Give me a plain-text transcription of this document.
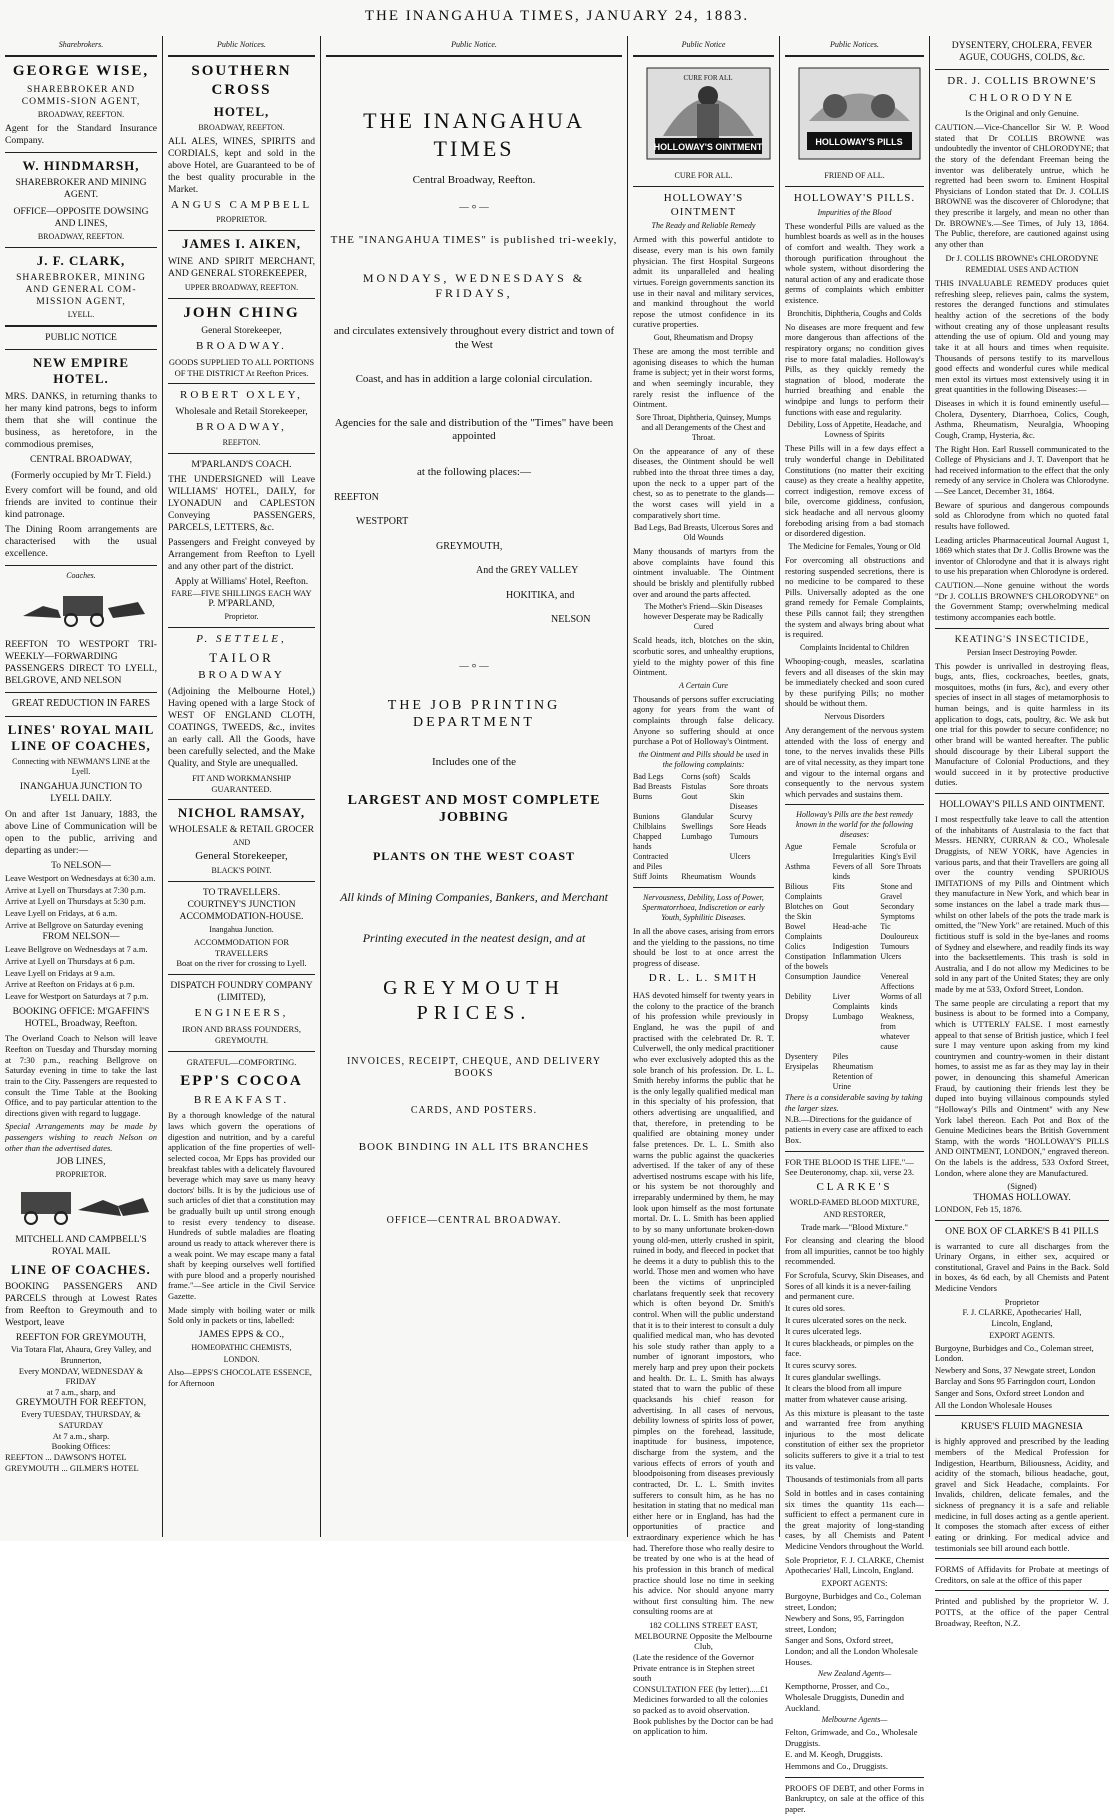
THE INANGAHUA TIMES, JANUARY 24, 1883.
Sharebrokers.
GEORGE WISE,
SHAREBROKER AND COMMIS-SION AGENT,
BROADWAY, REEFTON.
Agent for the Standard Insurance Company.
W. HINDMARSH,
SHAREBROKER AND MINING AGENT.
OFFICE—OPPOSITE DOWSING AND LINES,
BROADWAY, REEFTON.
J. F. CLARK,
SHAREBROKER, MINING AND GENERAL COM-MISSION AGENT,
LYELL.
PUBLIC NOTICE
NEW EMPIRE HOTEL.
MRS. DANKS, in returning thanks to her many kind patrons, begs to inform them that she will continue the business, as heretofore, in the commodious premises,
CENTRAL BROADWAY,
(Formerly occupied by Mr T. Field.)
Every comfort will be found, and old friends are invited to continue their kind patronage.
The Dining Room arrangements are characterised with the usual excellence.
Coaches.
REEFTON TO WESTPORT TRI-WEEKLY—FORWARDING PASSENGERS DIRECT TO LYELL, BELGROVE, AND NELSON
GREAT REDUCTION IN FARES
LINES' ROYAL MAIL LINE OF COACHES,
Connecting with NEWMAN'S LINE at the Lyell.
INANGAHUA JUNCTION TO LYELL DAILY.
On and after 1st January, 1883, the above Line of Communication will be open to the public, arriving and departing as under:—
To NELSON—
Leave Westport on Wednesdays at 6:30 a.m.
Arrive at Lyell on Thursdays at 7:30 p.m.
Arrive at Lyell on Thursdays at 5:30 p.m.
Leave Lyell on Fridays, at 6 a.m.
Arrive at Bellgrove on Saturday evening
FROM NELSON—
Leave Bellgrove on Wednesdays at 7 a.m.
Arrive at Lyell on Thursdays at 6 p.m.
Leave Lyell on Fridays at 9 a.m.
Arrive at Reefton on Fridays at 6 p.m.
Leave for Westport on Saturdays at 7 p.m.
BOOKING OFFICE: M'GAFFIN'S HOTEL, Broadway, Reefton.
The Overland Coach to Nelson will leave Reefton on Tuesday and Thursday morning at 7:30 p.m., reaching Bellgrove on Saturday evening in time to take the last train to the City. Passengers are requested to consult the Time Table at the Booking Office, and to pay particular attention to the directions given with regard to luggage.
Special Arrangements may be made by passengers wishing to reach Nelson on other than the advertised dates.
JOB LINES,
PROPRIETOR.
MITCHELL AND CAMPBELL'S ROYAL MAIL
LINE OF COACHES.
BOOKING PASSENGERS AND PARCELS through at Lowest Rates from Reefton to Greymouth and to Westport, leave
REEFTON FOR GREYMOUTH,
Via Totara Flat, Ahaura, Grey Valley, and Brunnerton,
Every MONDAY, WEDNESDAY & FRIDAY
at 7 a.m., sharp, and
GREYMOUTH FOR REEFTON,
Every TUESDAY, THURSDAY, & SATURDAY
At 7 a.m., sharp.
Booking Offices:
REEFTON ... DAWSON'S HOTEL
GREYMOUTH ... GILMER'S HOTEL
Public Notices.
SOUTHERN CROSS
HOTEL,
BROADWAY, REEFTON.
ALL ALES, WINES, SPIRITS and CORDIALS, kept and sold in the above Hotel, are Guaranteed to be of the best quality procurable in the Market.
ANGUS CAMPBELL
PROPRIETOR.
JAMES I. AIKEN,
WINE AND SPIRIT MERCHANT, AND GENERAL STOREKEEPER,
UPPER BROADWAY, REEFTON.
JOHN CHING
General Storekeeper,
BROADWAY.
GOODS SUPPLIED TO ALL PORTIONS OF THE DISTRICT At Reefton Prices.
ROBERT OXLEY,
Wholesale and Retail Storekeeper,
BROADWAY,
REEFTON.
M'PARLAND'S COACH.
THE UNDERSIGNED will Leave WILLIAMS' HOTEL, DAILY, for LYONADUN and CAPLESTON Conveying PASSENGERS, PARCELS, LETTERS, &c.
Passengers and Freight conveyed by Arrangement from Reefton to Lyell and any other part of the district.
Apply at Williams' Hotel, Reefton.
FARE—FIVE SHILLINGS EACH WAY
P. M'PARLAND,
Proprietor.
P. SETTELE,
TAILOR
BROADWAY
(Adjoining the Melbourne Hotel,) Having opened with a large Stock of WEST OF ENGLAND CLOTH, COATINGS, TWEEDS, &c., invites an early call. All the Goods, have been carefully selected, and the Make Quality, and Style are unequalled.
FIT AND WORKMANSHIP GUARANTEED.
NICHOL RAMSAY,
WHOLESALE & RETAIL GROCER
AND
General Storekeeper,
BLACK'S POINT.
TO TRAVELLERS.
COURTNEY'S JUNCTION ACCOMMODATION-HOUSE.
Inangahua Junction.
ACCOMMODATION FOR TRAVELLERS
Boat on the river for crossing to Lyell.
DISPATCH FOUNDRY COMPANY (LIMITED),
ENGINEERS,
IRON AND BRASS FOUNDERS,
GREYMOUTH.
GRATEFUL—COMFORTING.
EPP'S COCOA
BREAKFAST.
By a thorough knowledge of the natural laws which govern the operations of digestion and nutrition, and by a careful application of the fine properties of well-selected cocoa, Mr Epps has provided our breakfast tables with a delicately flavoured beverage which may save us many heavy doctors' bills. It is by the judicious use of such articles of diet that a constitution may be gradually built up until strong enough to resist every tendency to disease. Hundreds of subtle maladies are floating around us ready to attack wherever there is a weak point. We may escape many a fatal shaft by keeping ourselves well fortified with pure blood and a properly nourished frame."—See article in the Civil Service Gazette.
Made simply with boiling water or milk Sold only in packets or tins, labelled:
JAMES EPPS & CO.,
HOMEOPATHIC CHEMISTS,
LONDON.
Also—EPPS'S CHOCOLATE ESSENCE, for Afternoon
Public Notice.
THE INANGAHUA TIMES
Central Broadway, Reefton.
— ⸰ —
THE "INANGAHUA TIMES" is published tri-weekly,
MONDAYS, WEDNESDAYS & FRIDAYS,
and circulates extensively throughout every district and town of the West
Coast, and has in addition a large colonial circulation.
Agencies for the sale and distribution of the "Times" have been appointed
at the following places:—
REEFTON
WESTPORT
GREYMOUTH,
And the GREY VALLEY
HOKITIKA, and
NELSON
— ⸰ —
THE JOB PRINTING DEPARTMENT
Includes one of the
LARGEST AND MOST COMPLETE JOBBING
PLANTS ON THE WEST COAST
All kinds of Mining Companies, Bankers, and Merchant
Printing executed in the neatest design, and at
GREYMOUTH PRICES.
INVOICES, RECEIPT, CHEQUE, AND DELIVERY BOOKS
CARDS, AND POSTERS.
BOOK BINDING IN ALL ITS BRANCHES
OFFICE—CENTRAL BROADWAY.
Public Notice
HOLLOWAY'S OINTMENT
CURE FOR ALL
CURE FOR ALL.
HOLLOWAY'S OINTMENT
The Ready and Reliable Remedy
Armed with this powerful antidote to disease, every man is his own family physician. The first Hospital Surgeons admit its unparalleled and healing virtues. Foreign governments sanction its use in their naval and military services, and mankind throughout the world repose the utmost confidence in its curative properties.
Gout, Rheumatism and Dropsy
These are among the most terrible and agonising diseases to which the human frame is subject; yet in their worst forms, and when seemingly incurable, they rarely resist the influence of the Ointment.
Sore Throat, Diphtheria, Quinsey, Mumps and all Derangements of the Chest and Throat.
On the appearance of any of these diseases, the Ointment should be well rubbed into the throat three times a day, upon the neck to a upper part of the chest, so as to penetrate to the glands—the worst cases will yield in a comparatively short time.
Bad Legs, Bad Breasts, Ulcerous Sores and Old Wounds
Many thousands of martyrs from the above complaints have found this ointment invaluable. The Ointment should be briskly and plentifully rubbed over and around the parts affected.
The Mother's Friend—Skin Diseases however Desperate may be Radically Cured
Scald heads, itch, blotches on the skin, scorbutic sores, and unhealthy eruptions, yield to the mighty power of this fine Ointment.
A Certain Cure
Thousands of persons suffer excruciating agony for years from the want of complaints through false delicacy. Anyone so suffering should at once purchase a Pot of Holloway's Ointment.
the Ointment and Pills should be used in the following complaints:
Bad Legs	Corns (soft)	Scalds
Bad Breasts	Fistulas	Sore throats
Burns	Gout	Skin Diseases
Bunions	Glandular	Scurvy
Chilblains	Swellings	Sore Heads
Chapped hands
Lumbago	Tumours
Contracted and Piles
Ulcers
Stiff Joints	Rheumatism Wounds
Nervousness, Debility, Loss of Power, Spermatorrhoea, Indiscretion or early Youth, Syphilitic Diseases.
In all the above cases, arising from errors and the yielding to the passions, no time should be lost to at once arrest the progress of disease.
DR. L. L. SMITH
HAS devoted himself for twenty years in the colony to the practice of the branch of his profession while previously in England, he was the pupil of and practised with the celebrated Dr. R. T. Culverwell, the only medical practitioner who ever exclusively adopted this as the sole branch of his profession. Dr. L. L. Smith hereby informs the public that he is the only legally qualified medical man in this specialty of his profession, that others advertising are unqualified, and that, therefore, in pretending to be qualified are obtaining money under false pretences. Dr. L. L. Smith also warns the public against the quackeries advertised. If the taker of any of these advertised nostrums escape with his life, or his system be not thoroughly and irreparably undermined by them, he may look upon himself as the most fortunate mortal. Dr. L. L. Smith has been applied to by so many unfortunate broken-down young old-men, utterly crushed in spirit, ruined in body, and fleeced in pocket that he deems it a duty to publish this to the world. Those men and women who have been the victims of unprincipled charlatans frequently seek that recovery which is often beyond Dr. Smith's control. When will the public understand that it is to their interest to consult a duly qualified medical man, who has devoted his sole study rather than apply to a number of ignorant impostors, who merely harp and prey upon their pockets and health. Dr. L. L. Smith has always stated that to warn the public of these quacksands his chief reason for advertising. In all cases of nervous, debility lowness of spirits loss of power, pimples on the forehead, lassitude, inaptitude for business, impotence, discharge from the system, and the various effects of errors of youth and bloodpoisoning from diseases previously contracted, Dr. L. L. Smith invites sufferers to consult him, as he has no hesitation in stating that no medical man either here or in England, has had the opportunities of practice and extraordinary experience which he has had. Therefore those who really desire to be treated by one who is at the head of his profession in this branch of medical practice should lose no time in seeking his advice. Nor should anyone marry without first consulting him. The new consulting rooms are at
182 COLLINS STREET EAST, MELBOURNE Opposite the Melbourne Club,
(Late the residence of the Governor Private entrance is in Stephen street south
CONSULTATION FEE (by letter).....£1
Medicines forwarded to all the colonies so packed as to avoid observation.
Book publishes by the Doctor can be had on application to him.
Public Notices.
HOLLOWAY'S PILLS
FRIEND OF ALL.
HOLLOWAY'S PILLS.
Impurities of the Blood
These wonderful Pills are valued as the humblest boards as well as in the houses of comfort and wealth. They work a thorough purification throughout the whole system, without disordering the natural action of any and eradicate those germs of complaints which embitter existence.
Bronchitis, Diphtheria, Coughs and Colds
No diseases are more frequent and few more dangerous than affections of the respiratory organs; no condition gives rise to more fatal maladies. Holloway's Pills, as they quickly remedy the stagnation of blood, moderate the hurried breathing and enable the windpipe and lungs to perform their functions with ease and regularity.
Debility, Loss of Appetite, Headache, and Lowness of Spirits
These Pills will in a few days effect a truly wonderful change in Debilitated Constitutions (no matter their exciting cause) as they create a healthy appetite, correct indigestion, remove excess of bile, overcome giddiness, confusion, sick headache and all nervous gloomy foreboding arising from a bad stomach or disordered digestion.
The Medicine for Females, Young or Old
For overcoming all obstructions and restoring suspended secretions, there is no medicine to be compared to these Pills. Universally adopted as the one grand remedy for Female Complaints, these Pills cannot fail; they strengthen the system and always bring about what is required.
Complaints Incidental to Children
Whooping-cough, measles, scarlatina fevers and all diseases of the skin may be immediately checked and soon cured by these purifying Pills; no mother should be without them.
Nervous Disorders
Any derangement of the nervous system attended with the loss of energy and tone, to the nerves invalids these Pills are of vital necessity, as they impart tone and vigour to the internal organs and consequently to the nervous system which pervades and sustains them.
Holloway's Pills are the best remedy known in the world for the following diseases:
Ague	Female Irregularities
Scrofula or King's Evil
Asthma	Fevers of all kinds
Sore Throats
Bilious Complaints
Fits	Stone and Gravel
Blotches on the Skin
Gout	Secondary Symptoms
Bowel Complaints
Head-ache	Tic Douloureux
Colics	Indigestion	Tumours
Constipation of the bowels
Inflammation Ulcers
Consumption Jaundice	Venereal Affections
Debility	Liver Complaints
Worms of all kinds
Dropsy	Lumbago	Weakness, from whatever cause
Dysentery	Piles
Erysipelas	Rheumatism
Retention of Urine
There is a considerable saving by taking the larger sizes.
N.B.—Directions for the guidance of patients in every case are affixed to each Box.
FOR THE BLOOD IS THE LIFE."—See Deuteronomy, chap. xii, verse 23.
CLARKE'S
WORLD-FAMED BLOOD MIXTURE,
AND RESTORER,
Trade mark—"Blood Mixture."
For cleansing and clearing the blood from all impurities, cannot be too highly recommended.
For Scrofula, Scurvy, Skin Diseases, and Sores of all kinds it is a never-failing and permanent cure.
It cures old sores.
It cures ulcerated sores on the neck.
It cures ulcerated legs.
It cures blackheads, or pimples on the face.
It cures scurvy sores.
It cures glandular swellings.
It clears the blood from all impure matter from whatever cause arising.
As this mixture is pleasant to the taste and warranted free from anything injurious to the most delicate constitution of either sex the proprietor solicits sufferers to give it a trial to test its value.
Thousands of testimonials from all parts
Sold in bottles and in cases containing six times the quantity 11s each—sufficient to effect a permanent cure in the great majority of long-standing cases, by all Chemists and Patent Medicine Vendors throughout the World.
Sole Proprietor, F. J. CLARKE, Chemist Apothecaries' Hall, Lincoln, England.
EXPORT AGENTS:
Burgoyne, Burbidges and Co., Coleman street, London;
Newbery and Sons, 95, Farringdon street, London;
Sanger and Sons, Oxford street, London; and all the London Wholesale Houses.
New Zealand Agents—
Kempthorne, Prosser, and Co., Wholesale Druggists, Dunedin and Auckland.
Melbourne Agents—
Felton, Grimwade, and Co., Wholesale Druggists.
E. and M. Keogh, Druggists.
Hemmons and Co., Druggists.
PROOFS OF DEBT, and other Forms in Bankruptcy, on sale at the office of this paper.
DYSENTERY, CHOLERA, FEVER
AGUE, COUGHS, COLDS, &c.
DR. J. COLLIS BROWNE'S
CHLORODYNE
Is the Original and only Genuine.
CAUTION.—Vice-Chancellor Sir W. P. Wood stated that Dr COLLIS BROWNE was undoubtedly the inventor of CHLORODYNE; that the story of the defendant Freeman being the inventor was deliberately untrue, which he regretted had been sworn to. Eminent Hospital Physicians of London stated that Dr. J. COLLIS BROWNE was the discoverer of Chlorodyne; that they prescribe it largely, and mean no other than Dr. BROWNE's.—See Times, of July 13, 1864. The Public, therefore, are cautioned against using any other than
Dr J. COLLIS BROWNE's CHLORODYNE
REMEDIAL USES AND ACTION
THIS INVALUABLE REMEDY produces quiet refreshing sleep, relieves pain, calms the system, restores the deranged functions and stimulates healthy action of the secretions of the body without creating any of those unpleasant results attending the use of opium. Old and young may take it at all hours and times when requisite. Thousands of persons testify to its marvellous good effects and wonderful cures while medical men extol its virtues most extensively using it in great quantities in the following Diseases:—
Diseases in which it is found eminently useful—Cholera, Dysentery, Diarrhoea, Colics, Cough, Asthma, Rheumatism, Neuralgia, Whooping Cough, Cramp, Hysteria, &c.
The Right Hon. Earl Russell communicated to the College of Physicians and J. T. Davenport that he had received information to the effect that the only remedy of any service in Cholera was Chlorodyne.—See Lancet, December 31, 1864.
Beware of spurious and dangerous compounds sold as Chlorodyne from which no quoted fatal results have followed.
Leading articles Pharmaceutical Journal August 1, 1869 which states that Dr J. Collis Browne was the inventor of Chlorodyne and that it is always right to use his preparation when Chlorodyne is ordered.
CAUTION.—None genuine without the words "Dr J. COLLIS BROWNE'S CHLORODYNE" on the Government Stamp; overwhelming medical testimony accompanies each bottle.
KEATING'S INSECTICIDE,
Persian Insect Destroying Powder.
This powder is unrivalled in destroying fleas, bugs, ants, flies, cockroaches, beetles, gnats, mosquitoes, moths (in furs, &c), and every other species of insect in all stages of metamorphosis to human beings, and is quite harmless in its application to dogs, cats, poultry, &c. We ask but one trial for this powder to secure confidence; no other brand will be wanted hereafter. The public should discourage by their Liberal support the Manufacture of Colonial Productions, and they would succeed in it by protective productive duties.
HOLLOWAY'S PILLS AND OINTMENT.
I most respectfully take leave to call the attention of the inhabitants of Australasia to the fact that Messrs. HENRY, CURRAN & CO., Wholesale Druggists, of NEW YORK, have Agencies in various parts, and that their Travellers are going all over the country vending SPURIOUS IMITATIONS of my Pills and Ointment which they manufacture in New York, and which bear in some instances on the label a trade mark thus—whilst on other labels of the pots the trade mark is omitted, the "New York" are retained. Much of this fictitious stuff is sold in the bye-lanes and rooms of Sydney and elsewhere, and readily finds its way into the backsettlements. This trash is sold in Australia, and I do not allow my Medicines to be sold in any part of the United States; they are only made by me at 533, Oxford Street, London.
The same people are circulating a report that my business is about to be formed into a Company, which is UTTERLY FALSE. I most earnestly appeal to that sense of British justice, which I feel sure I may venture upon asking from my kind countrymen and country-women in their distant homes, to assist me as far as they may lay in their power, in denouncing this shameful American Fraud, by cautioning their friends lest they be duped into buying villainous compounds styled "Holloway's Pills and Ointment" with any New York label thereon. Each Pot and Box of the Genuine Medicines bears the British Government Stamp, with the words "HOLLOWAY'S PILLS AND OINTMENT, LONDON," engraved thereon. On the labels is the address, 533 Oxford Street, London, where alone they are Manufactured.
(Signed)
THOMAS HOLLOWAY.
LONDON, Feb 15, 1876.
ONE BOX OF CLARKE'S B 41 PILLS
is warranted to cure all discharges from the Urinary Organs, in either sex, acquired or constitutional, Gravel and Pains in the Back. Sold in boxes, 4s 6d each, by all Chemists and Patent Medicine Vendors
Proprietor
F. J. CLARKE, Apothecaries' Hall,
Lincoln, England,
EXPORT AGENTS.
Burgoyne, Burbidges and Co., Coleman street, London.
Newbery and Sons, 37 Newgate street, London
Barclay and Sons 95 Farringdon court, London
Sanger and Sons, Oxford street London and
All the London Wholesale Houses
KRUSE'S FLUID MAGNESIA
is highly approved and prescribed by the leading members of the Medical Profession for Indigestion, Heartburn, Biliousness, Acidity, and acidity of the stomach, bilious headache, gout, gravel and Sick Headache, complaints. For Invalids, children, delicate females, and the sickness of pregnancy it is a safe and reliable medicine, in full doses acting as a gentle aperient. It composes the stomach after excess of either eating or drinking. For medical advice and testimonials see bill around each bottle.
FORMS of Affidavits for Probate at meetings of Creditors, on sale at the office of this paper
Printed and published by the proprietor W. J. POTTS, at the office of the paper Central Broadway, Reefton, N.Z.
